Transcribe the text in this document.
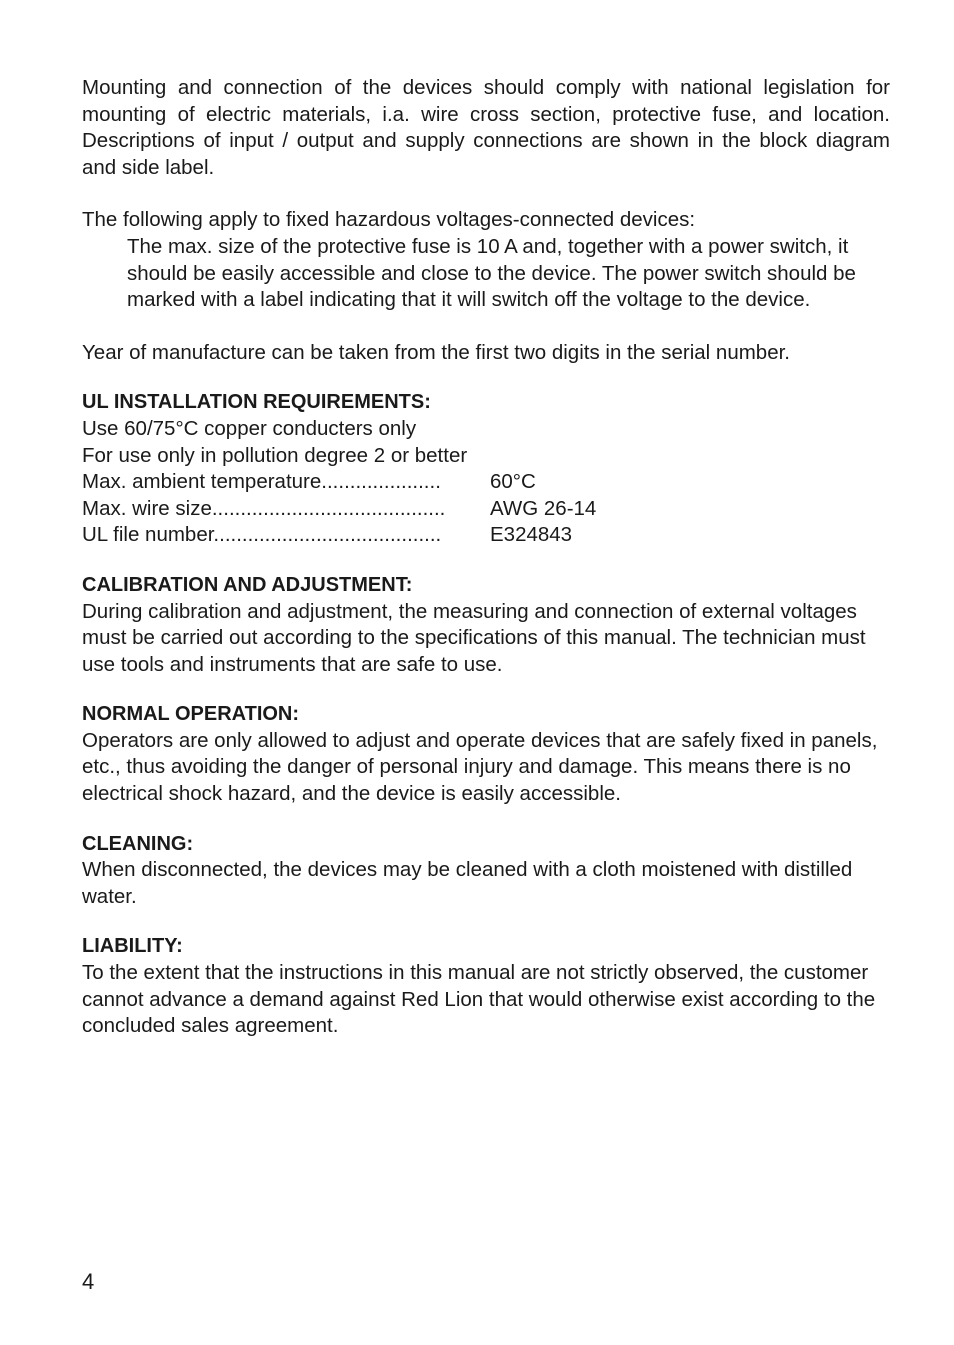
Mounting and connection of the devices should comply with national legislation for mounting of electric materials, i.a. wire cross section, protective fuse, and location. Descriptions of input / output and supply connections are shown in the block diagram and side label.

The following apply to fixed hazardous voltages-connected devices:

The max. size of the protective fuse is 10 A and, together with a power switch, it should be easily accessible and close to the device. The power switch should be marked with a label indicating that it will switch off the voltage to the device.

Year of manufacture can be taken from the first two digits in the serial number.

UL INSTALLATION REQUIREMENTS:

Use 60/75°C copper conducters only

For use only in pollution degree 2 or better

Max. ambient temperature.....................	60°C
Max. wire size.........................................	AWG 26-14
UL file number........................................	E324843
CALIBRATION AND ADJUSTMENT:

During calibration and adjustment, the measuring and connection of external voltages must be carried out according to the specifications of this manual. The technician must use tools and instruments that are safe to use.

NORMAL OPERATION:

Operators are only allowed to adjust and operate devices that are safely fixed in panels, etc., thus avoiding the danger of personal injury and damage. This means there is no electrical shock hazard, and the device is easily accessible.

CLEANING:

When disconnected, the devices may be cleaned with a cloth moistened with distilled water.

LIABILITY:

To the extent that the instructions in this manual are not strictly observed, the customer cannot advance a demand against Red Lion that would otherwise exist according to the concluded sales agreement.

4
